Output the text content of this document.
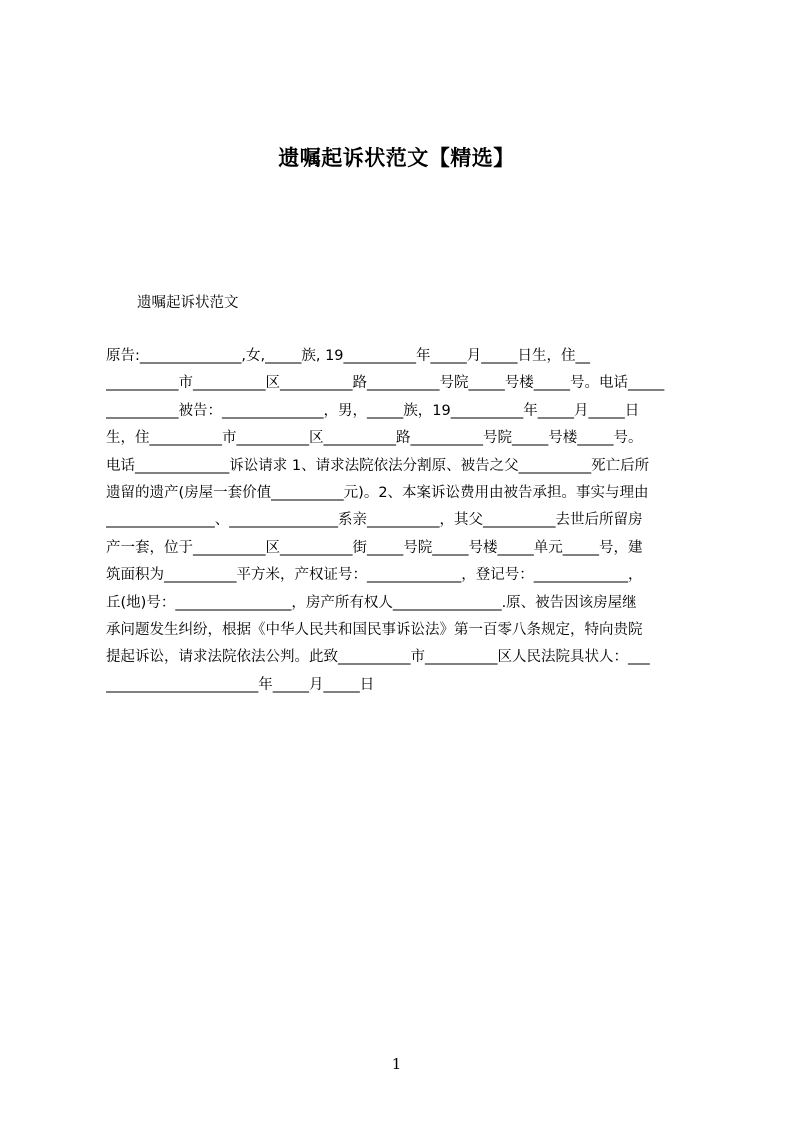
遗嘱起诉状范文【精选】
遗嘱起诉状范文
原告:______________,女,_____族, 19__________年_____月_____日生，住__
__________市__________区__________路__________号院_____号楼_____号。电话_____
__________被告：______________，男，_____族，19__________年_____月_____日
生，住__________市__________区__________路__________号院_____号楼_____号。
电话_____________诉讼请求 1、请求法院依法分割原、被告之父__________死亡后所
遗留的遗产(房屋一套价值__________元)。2、本案诉讼费用由被告承担。事实与理由
_______________、_______________系亲__________，其父__________去世后所留房
产一套，位于__________区__________街_____号院_____号楼_____单元_____号，建
筑面积为__________平方米，产权证号：_____________，登记号：_____________，
丘(地)号：________________，房产所有权人_______________.原、被告因该房屋继
承问题发生纠纷，根据《中华人民共和国民事诉讼法》第一百零八条规定，特向贵院
提起诉讼，请求法院依法公判。此致__________市__________区人民法院具状人：___
_____________________年_____月_____日
1
